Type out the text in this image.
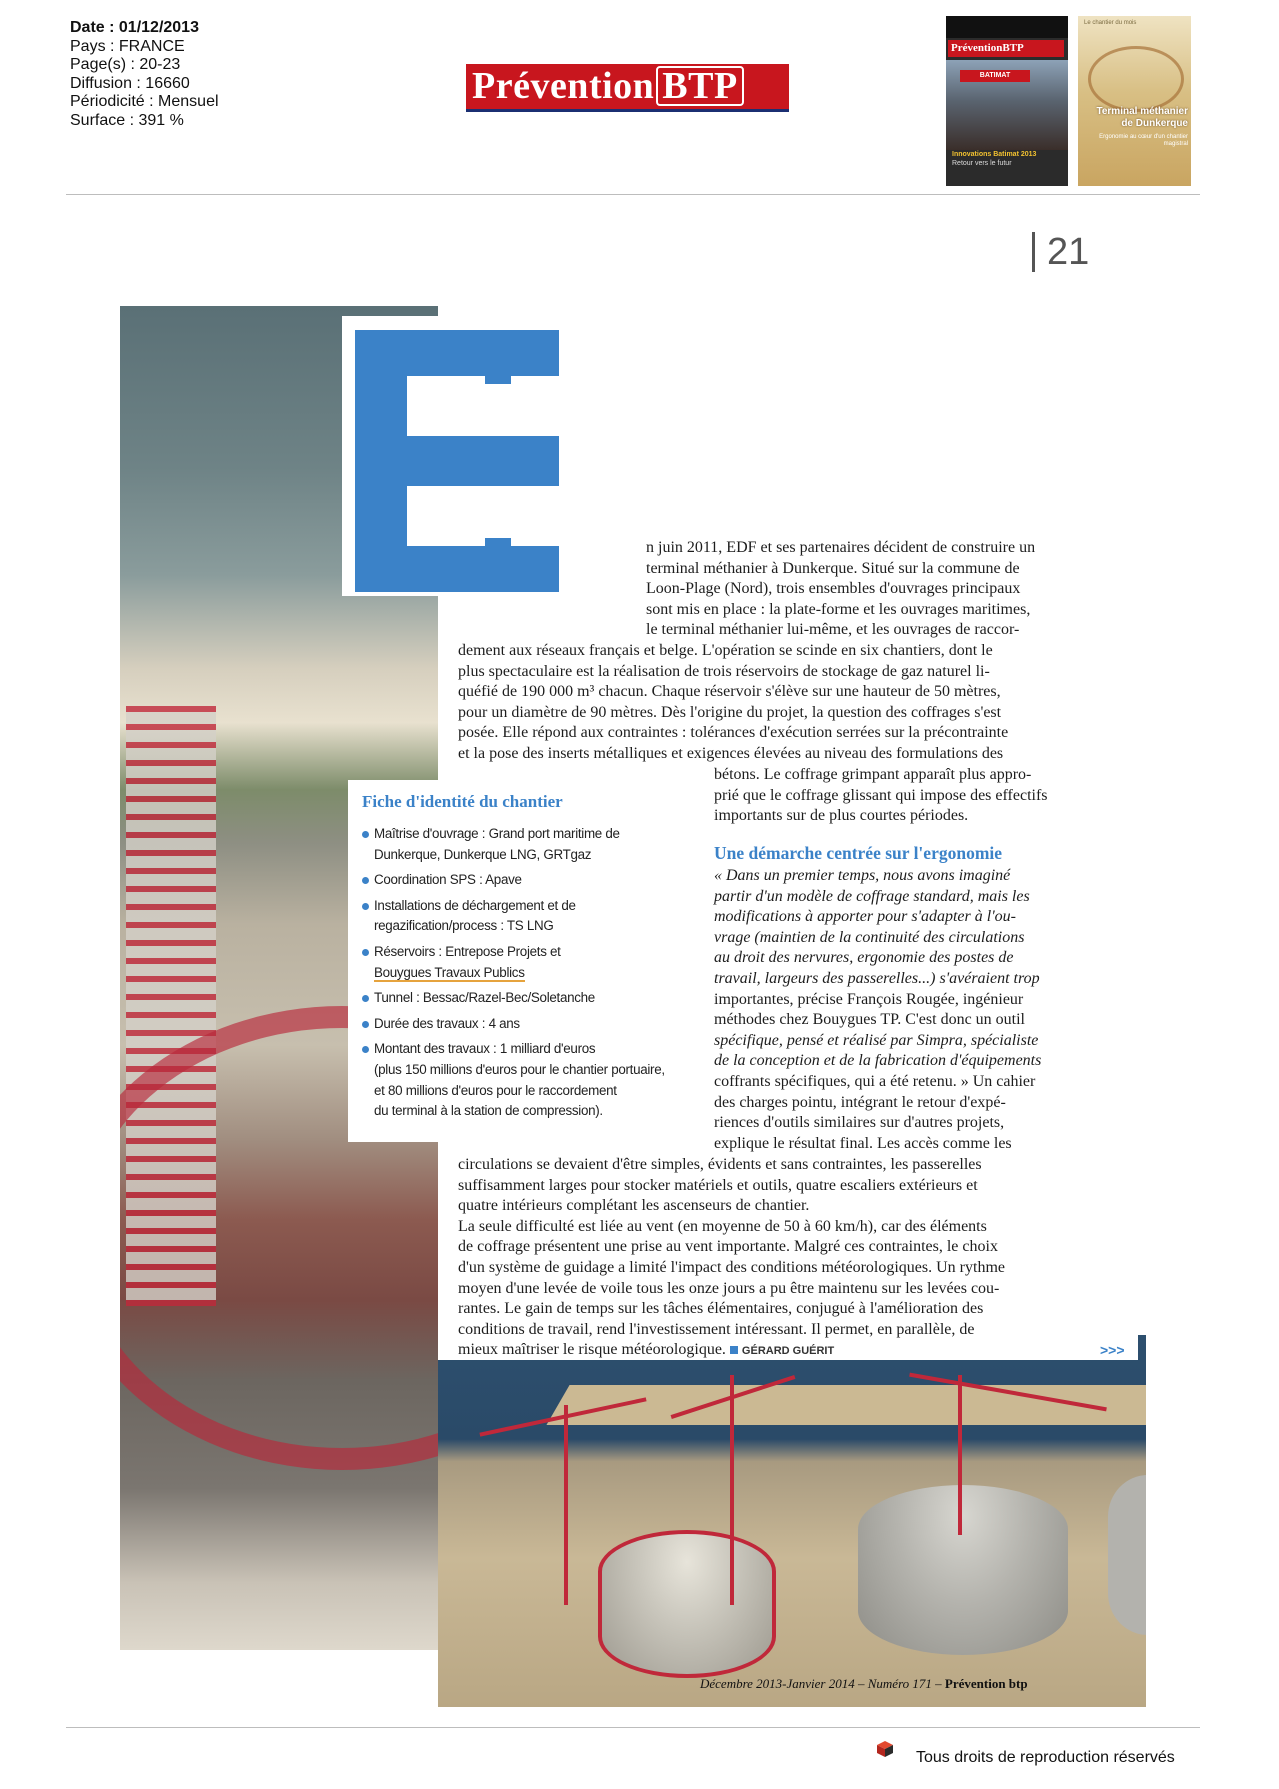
Date : 01/12/2013
Pays : FRANCE
Page(s) : 20-23
Diffusion : 16660
Périodicité : Mensuel
Surface : 391 %
Prévention BTP
PréventionBTP
BATIMAT
Innovations Batimat 2013
Retour vers le futur
Le chantier du mois
Terminal méthanier de Dunkerque
Ergonomie au cœur d'un chantier magistral
21
n juin 2011, EDF et ses partenaires décident de construire un
terminal méthanier à Dunkerque. Situé sur la commune de
Loon-Plage (Nord), trois ensembles d'ouvrages principaux
sont mis en place : la plate-forme et les ouvrages maritimes,
le terminal méthanier lui-même, et les ouvrages de raccor-
dement aux réseaux français et belge. L'opération se scinde en six chantiers, dont le
plus spectaculaire est la réalisation de trois réservoirs de stockage de gaz naturel li-
quéfié de 190 000 m³ chacun. Chaque réservoir s'élève sur une hauteur de 50 mètres,
pour un diamètre de 90 mètres. Dès l'origine du projet, la question des coffrages s'est
posée. Elle répond aux contraintes : tolérances d'exécution serrées sur la précontrainte
et la pose des inserts métalliques et exigences élevées au niveau des formulations des
bétons. Le coffrage grimpant apparaît plus appro-
prié que le coffrage glissant qui impose des effectifs
importants sur de plus courtes périodes.
Une démarche centrée sur l'ergonomie
« Dans un premier temps, nous avons imaginé
partir d'un modèle de coffrage standard, mais les
modifications à apporter pour s'adapter à l'ou-
vrage (maintien de la continuité des circulations
au droit des nervures, ergonomie des postes de
travail, largeurs des passerelles...) s'avéraient trop
importantes, précise François Rougée, ingénieur
méthodes chez Bouygues TP. C'est donc un outil
spécifique, pensé et réalisé par Simpra, spécialiste
de la conception et de la fabrication d'équipements
coffrants spécifiques, qui a été retenu. » Un cahier
des charges pointu, intégrant le retour d'expé-
riences d'outils similaires sur d'autres projets,
explique le résultat final. Les accès comme les
circulations se devaient d'être simples, évidents et sans contraintes, les passerelles
suffisamment larges pour stocker matériels et outils, quatre escaliers extérieurs et
quatre intérieurs complétant les ascenseurs de chantier.
La seule difficulté est liée au vent (en moyenne de 50 à 60 km/h), car des éléments
de coffrage présentent une prise au vent importante. Malgré ces contraintes, le choix
d'un système de guidage a limité l'impact des conditions météorologiques. Un rythme
moyen d'une levée de voile tous les onze jours a pu être maintenu sur les levées cou-
rantes. Le gain de temps sur les tâches élémentaires, conjugué à l'amélioration des
conditions de travail, rend l'investissement intéressant. Il permet, en parallèle, de
mieux maîtriser le risque météorologique. GÉRARD GUÉRIT	>>>
Fiche d'identité du chantier
Maîtrise d'ouvrage : Grand port maritime de
Dunkerque, Dunkerque LNG, GRTgaz
Coordination SPS : Apave
Installations de déchargement et de
regazification/process : TS LNG
Réservoirs : Entrepose Projets et
Bouygues Travaux Publics
Tunnel : Bessac/Razel-Bec/Soletanche
Durée des travaux : 4 ans
Montant des travaux : 1 milliard d'euros
(plus 150 millions d'euros pour le chantier portuaire,
et 80 millions d'euros pour le raccordement
du terminal à la station de compression).
Décembre 2013-Janvier 2014 – Numéro 171 – Prévention btp
Tous droits de reproduction réservés
